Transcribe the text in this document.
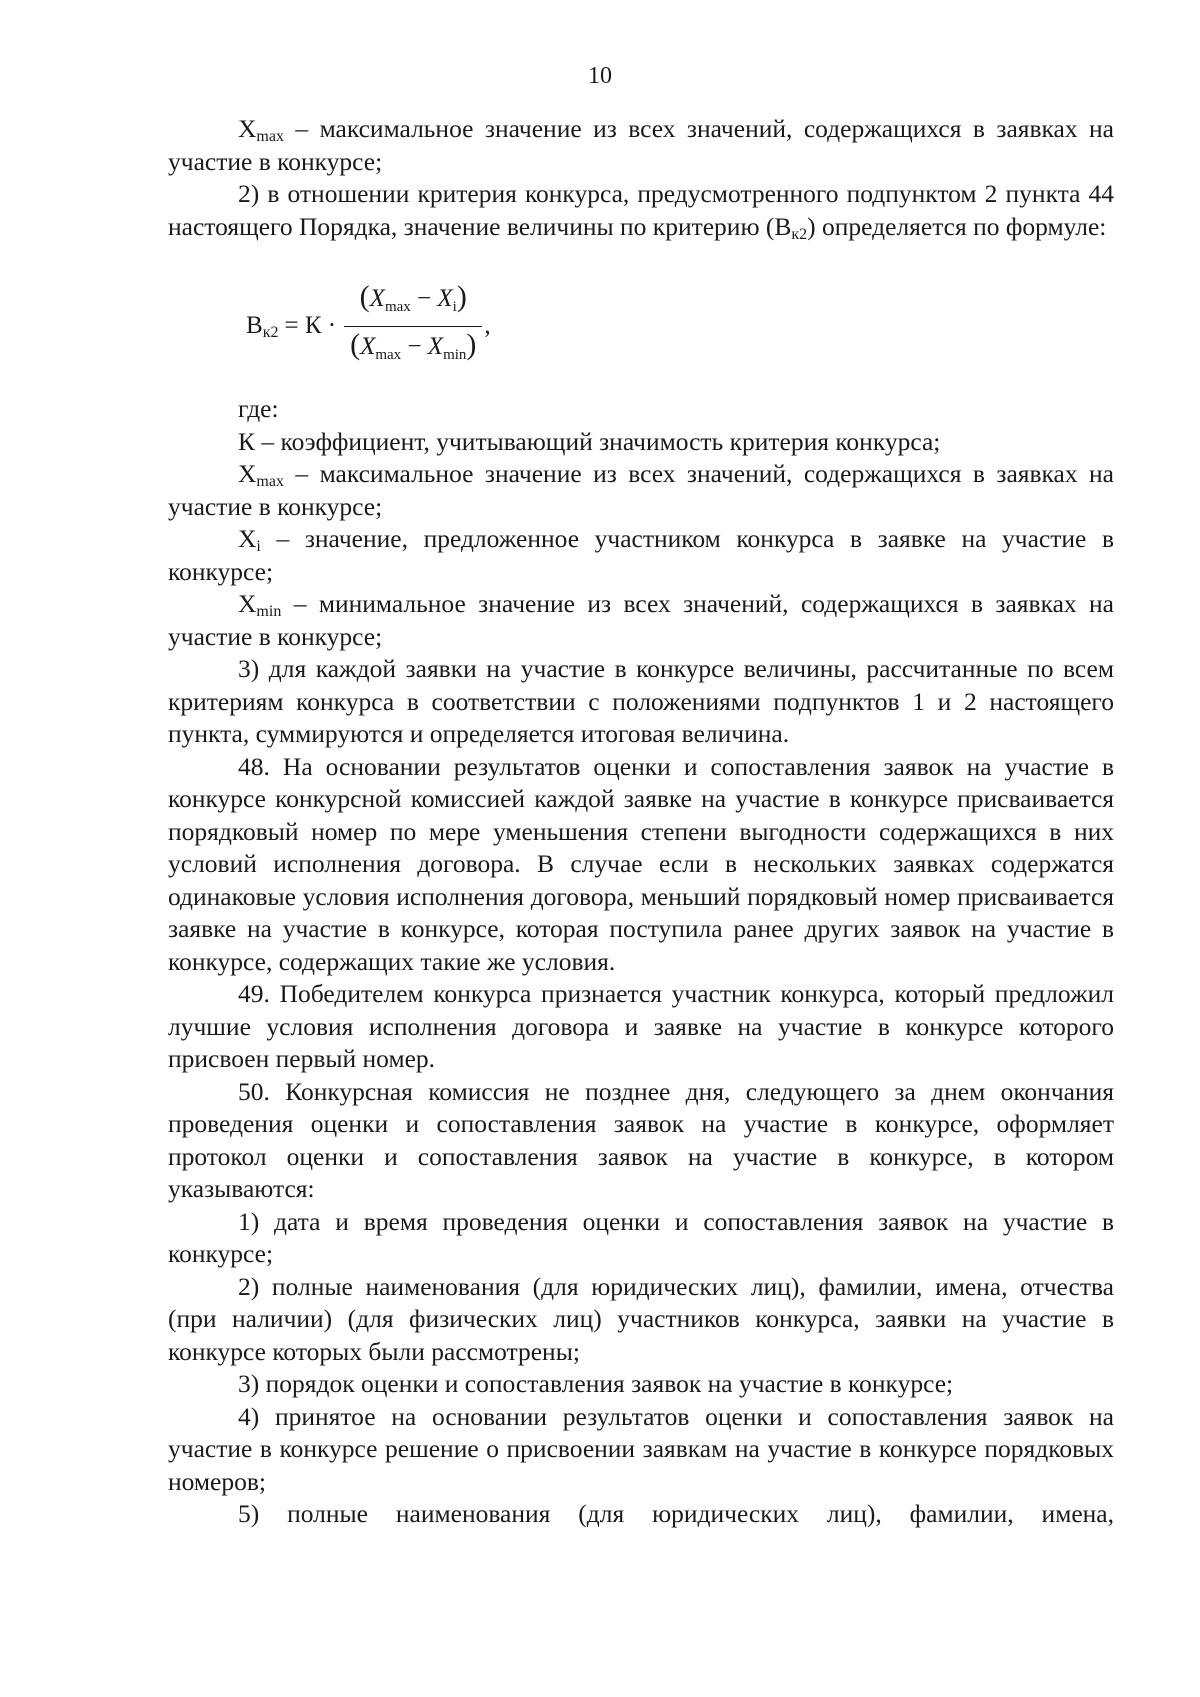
10

$X_{max}$ – максимальное значение из всех значений, содержащихся в заявках на участие в конкурсе;

2) в отношении критерия конкурса, предусмотренного подпунктом 2 пункта 44 настоящего Порядка, значение величины по критерию $(В_{к2})$ определяется по формуле:

$В_{к2} = К \cdot \frac{(X_{max} - X_i)}{(X_{max} - X_{min})}$ ,

где:

К – коэффициент, учитывающий значимость критерия конкурса;

$X_{max}$ – максимальное значение из всех значений, содержащихся в заявках на участие в конкурсе;

$X_i$ – значение, предложенное участником конкурса в заявке на участие в конкурсе;

$X_{min}$ – минимальное значение из всех значений, содержащихся в заявках на участие в конкурсе;

3) для каждой заявки на участие в конкурсе величины, рассчитанные по всем критериям конкурса в соответствии с положениями подпунктов 1 и 2 настоящего пункта, суммируются и определяется итоговая величина.

48. На основании результатов оценки и сопоставления заявок на участие в конкурсе конкурсной комиссией каждой заявке на участие в конкурсе присваивается порядковый номер по мере уменьшения степени выгодности содержащихся в них условий исполнения договора. В случае если в нескольких заявках содержатся одинаковые условия исполнения договора, меньший порядковый номер присваивается заявке на участие в конкурсе, которая поступила ранее других заявок на участие в конкурсе, содержащих такие же условия.

49. Победителем конкурса признается участник конкурса, который предложил лучшие условия исполнения договора и заявке на участие в конкурсе которого присвоен первый номер.

50. Конкурсная комиссия не позднее дня, следующего за днем окончания проведения оценки и сопоставления заявок на участие в конкурсе, оформляет протокол оценки и сопоставления заявок на участие в конкурсе, в котором указываются:

1) дата и время проведения оценки и сопоставления заявок на участие в конкурсе;

2) полные наименования (для юридических лиц), фамилии, имена, отчества (при наличии) (для физических лиц) участников конкурса, заявки на участие в конкурсе которых были рассмотрены;

3) порядок оценки и сопоставления заявок на участие в конкурсе;

4) принятое на основании результатов оценки и сопоставления заявок на участие в конкурсе решение о присвоении заявкам на участие в конкурсе порядковых номеров;

5) полные наименования (для юридических лиц), фамилии, имена,
